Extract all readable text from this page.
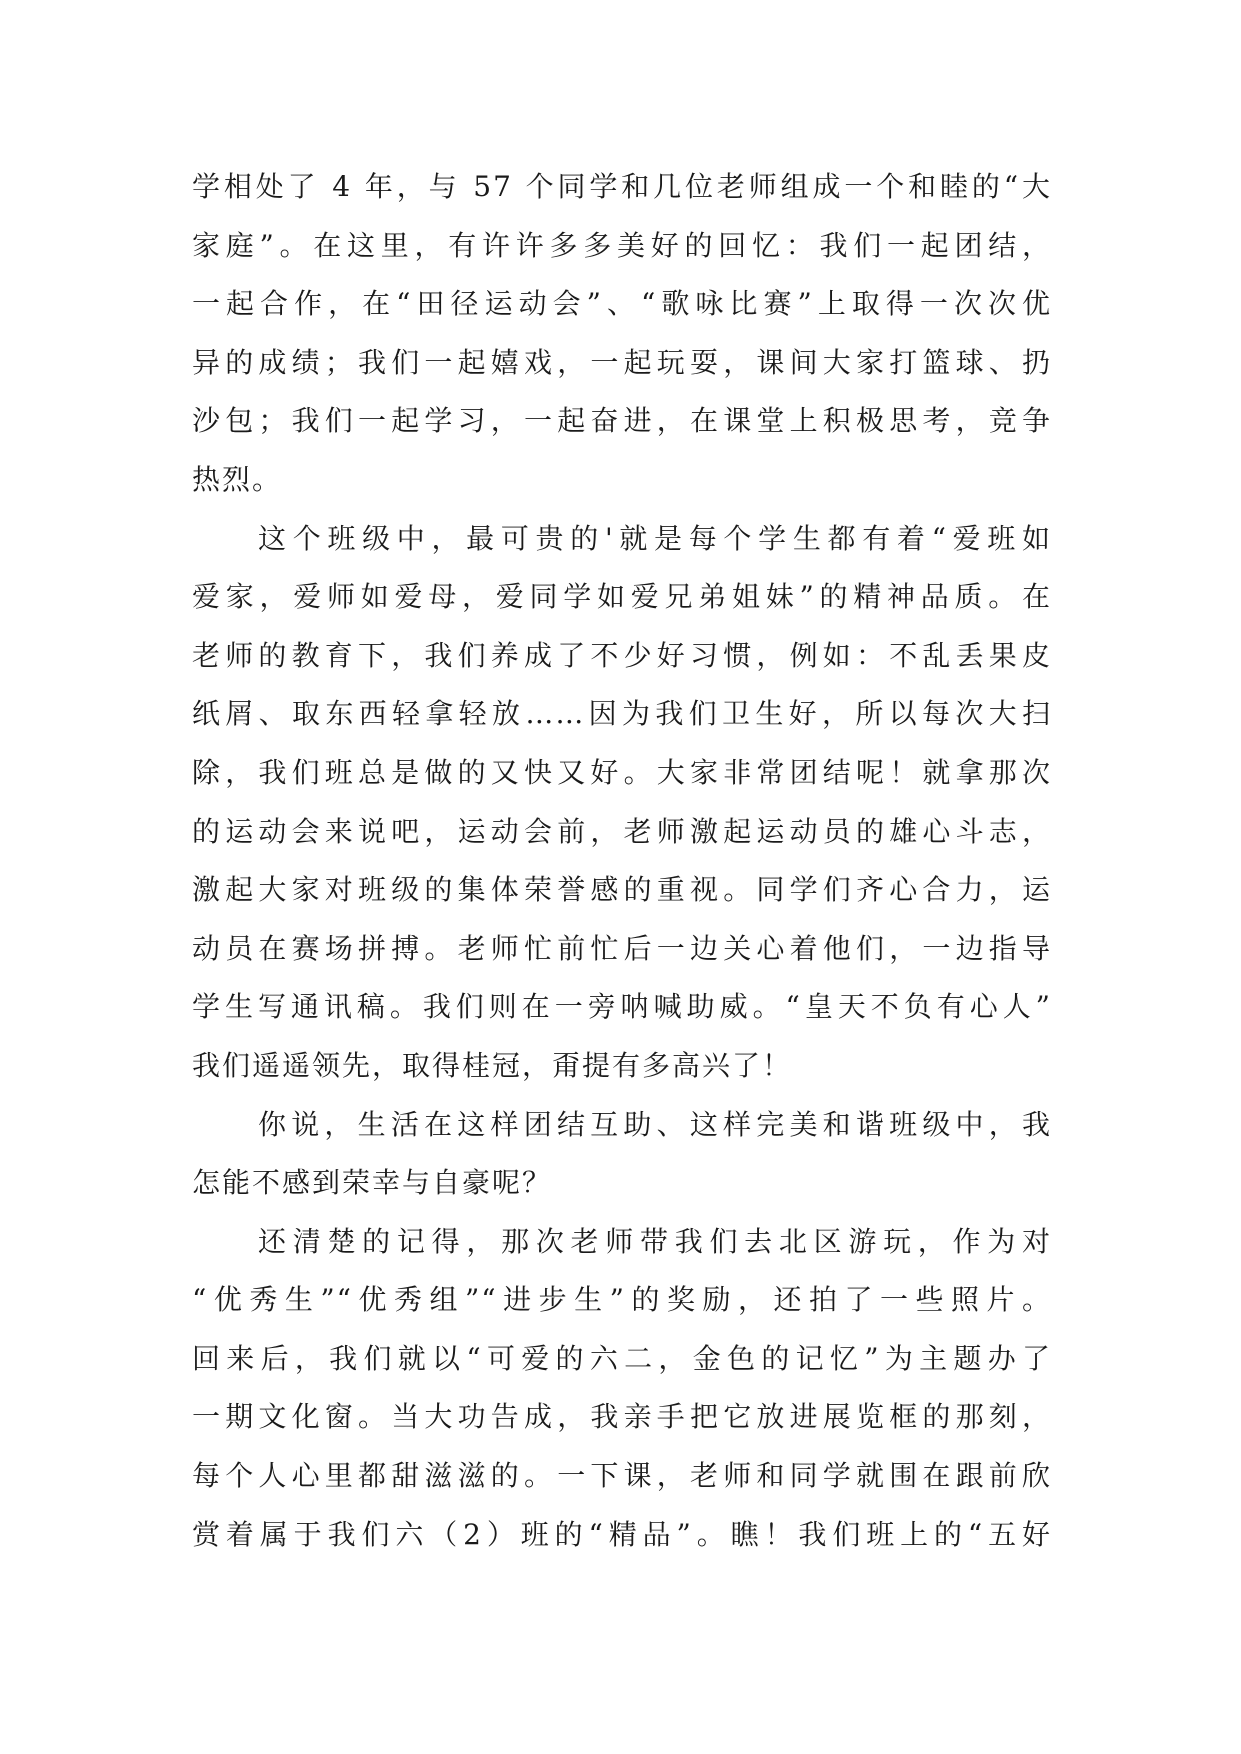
学相处了 4 年，与 57 个同学和几位老师组成一个和睦的“大
家庭”。在这里，有许许多多美好的回忆：我们一起团结，
一起合作，在“田径运动会”、“歌咏比赛”上取得一次次优
异的成绩；我们一起嬉戏，一起玩耍，课间大家打篮球、扔
沙包；我们一起学习，一起奋进，在课堂上积极思考，竞争
热烈。
这个班级中，最可贵的'就是每个学生都有着“爱班如
爱家，爱师如爱母，爱同学如爱兄弟姐妹”的精神品质。在
老师的教育下，我们养成了不少好习惯，例如：不乱丢果皮
纸屑、取东西轻拿轻放……因为我们卫生好，所以每次大扫
除，我们班总是做的又快又好。大家非常团结呢！就拿那次
的运动会来说吧，运动会前，老师激起运动员的雄心斗志，
激起大家对班级的集体荣誉感的重视。同学们齐心合力，运
动员在赛场拼搏。老师忙前忙后一边关心着他们，一边指导
学生写通讯稿。我们则在一旁呐喊助威。“皇天不负有心人”
我们遥遥领先，取得桂冠，甭提有多高兴了！
你说，生活在这样团结互助、这样完美和谐班级中，我
怎能不感到荣幸与自豪呢？
还清楚的记得，那次老师带我们去北区游玩，作为对
“优秀生”“优秀组”“进步生”的奖励，还拍了一些照片。
回来后，我们就以“可爱的六二，金色的记忆”为主题办了
一期文化窗。当大功告成，我亲手把它放进展览框的那刻，
每个人心里都甜滋滋的。一下课，老师和同学就围在跟前欣
赏着属于我们六（2）班的“精品”。瞧！我们班上的“五好
